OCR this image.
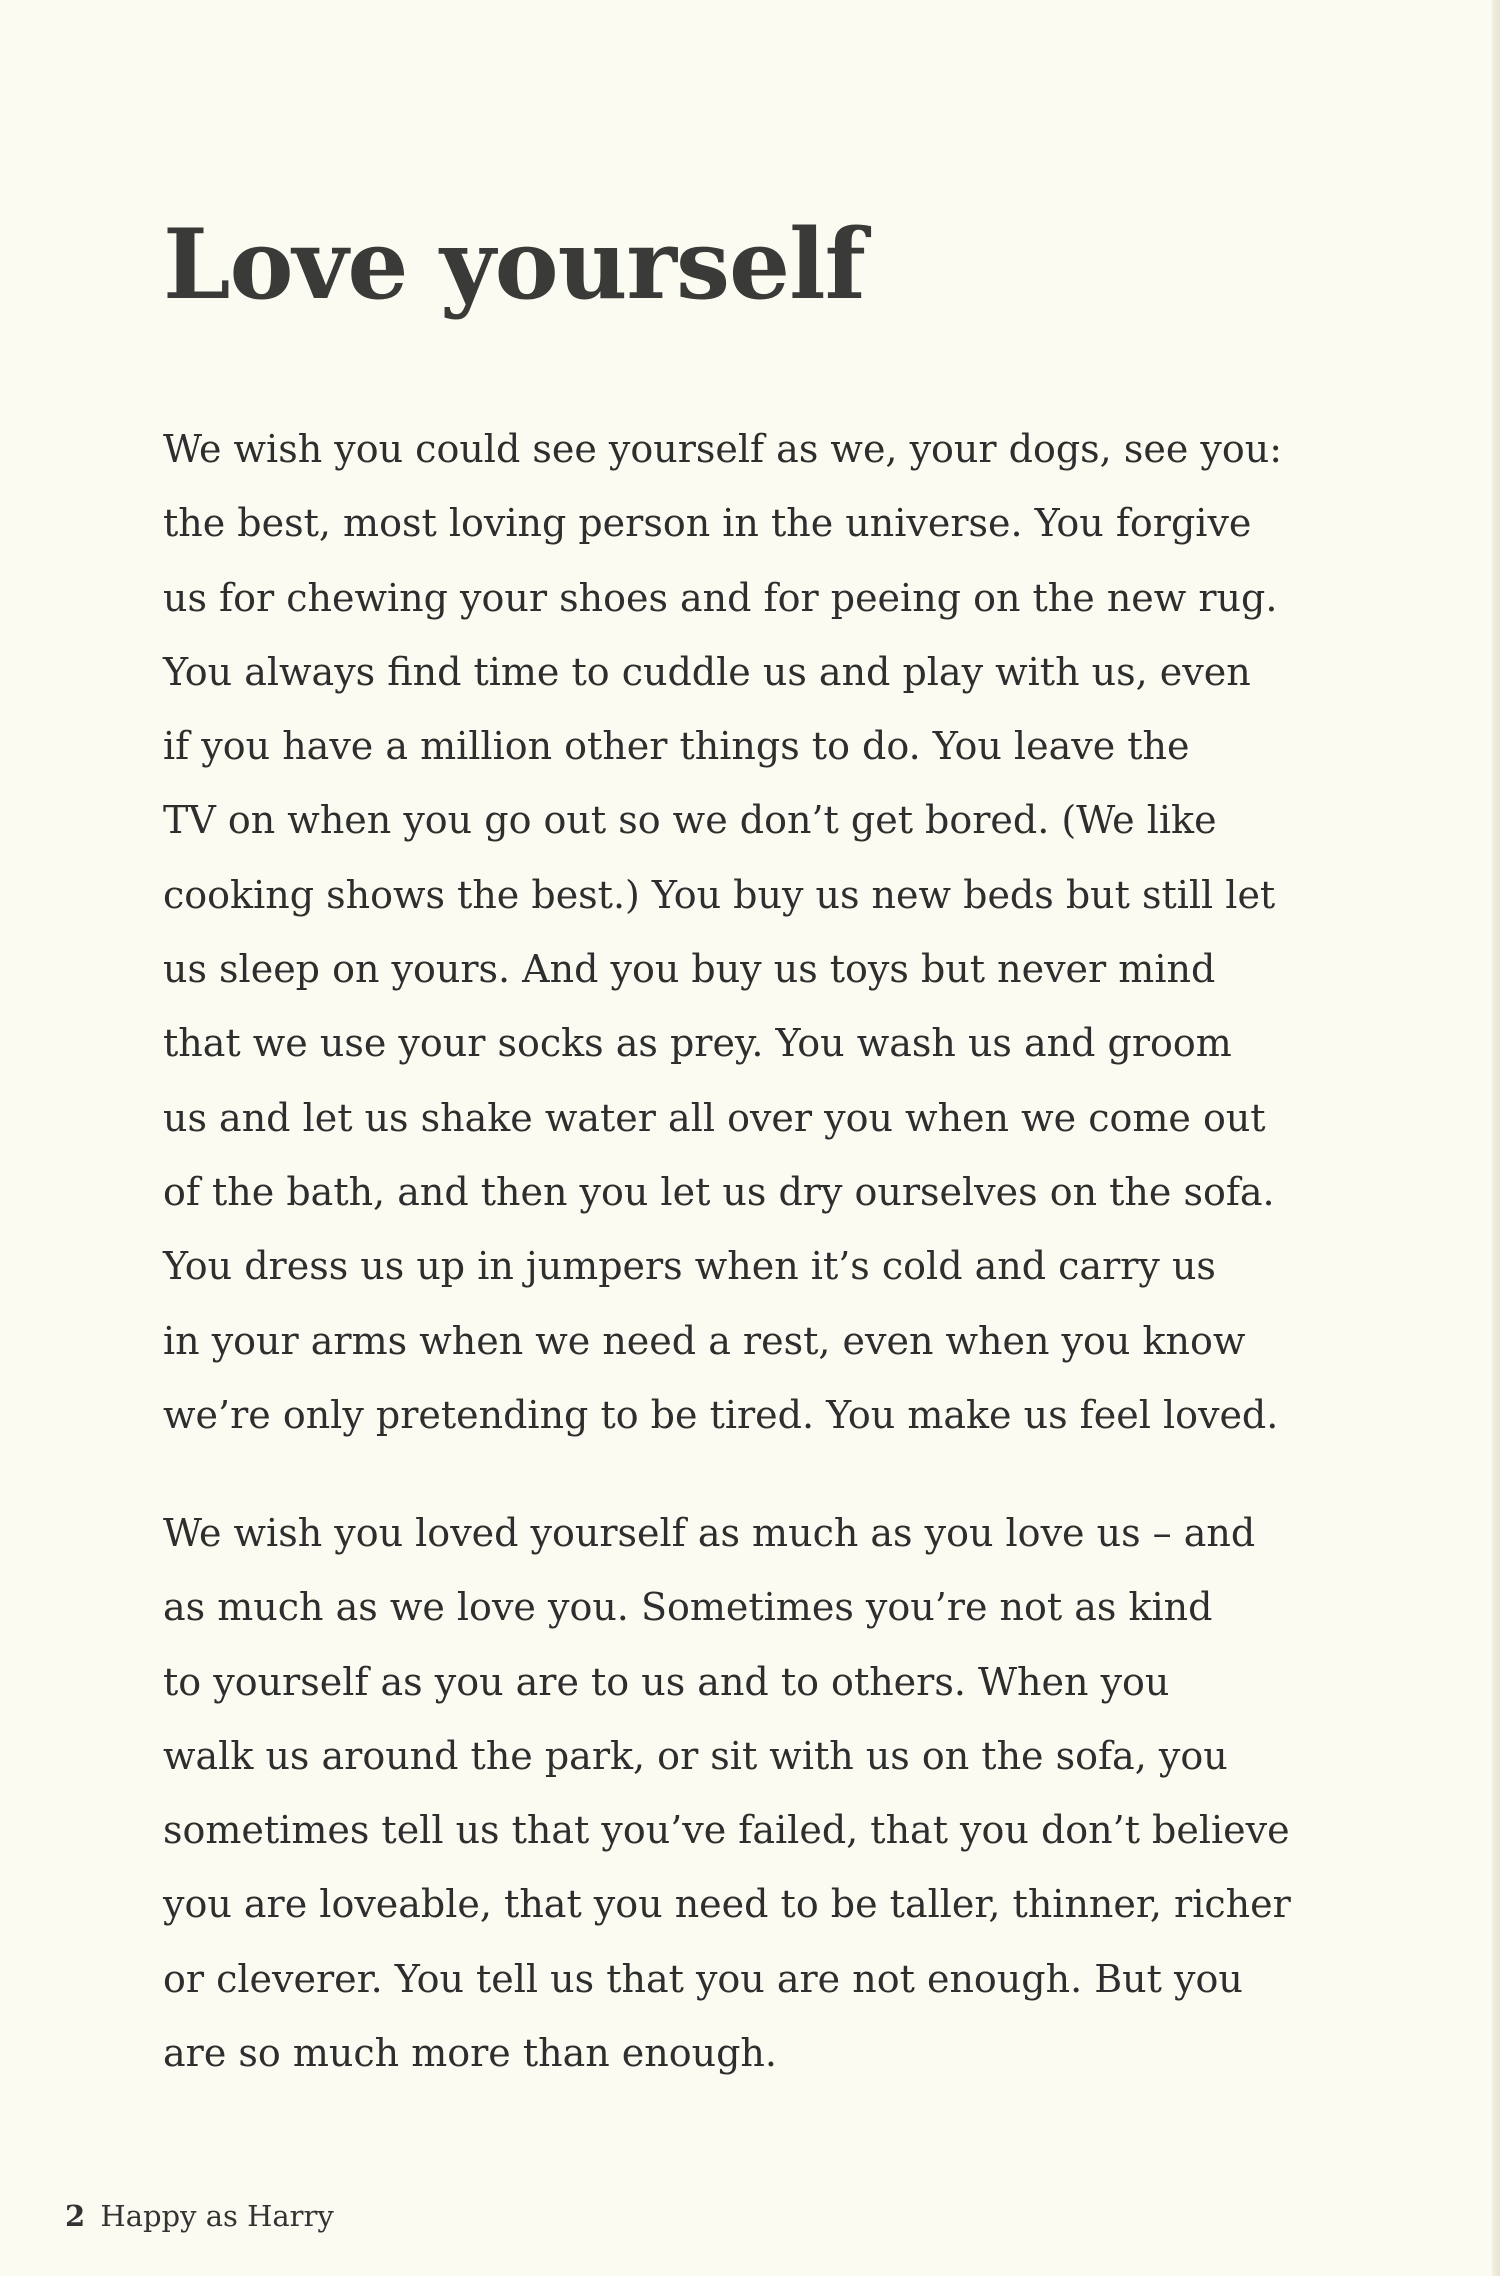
Love yourself
We wish you could see yourself as we, your dogs, see you:
the best, most loving person in the universe. You forgive
us for chewing your shoes and for peeing on the new rug.
You always find time to cuddle us and play with us, even
if you have a million other things to do. You leave the
TV on when you go out so we don’t get bored. (We like
cooking shows the best.) You buy us new beds but still let
us sleep on yours. And you buy us toys but never mind
that we use your socks as prey. You wash us and groom
us and let us shake water all over you when we come out
of the bath, and then you let us dry ourselves on the sofa.
You dress us up in jumpers when it’s cold and carry us
in your arms when we need a rest, even when you know
we’re only pretending to be tired. You make us feel loved.
We wish you loved yourself as much as you love us – and
as much as we love you. Sometimes you’re not as kind
to yourself as you are to us and to others. When you
walk us around the park, or sit with us on the sofa, you
sometimes tell us that you’ve failed, that you don’t believe
you are loveable, that you need to be taller, thinner, richer
or cleverer. You tell us that you are not enough. But you
are so much more than enough.
2 Happy as Harry
